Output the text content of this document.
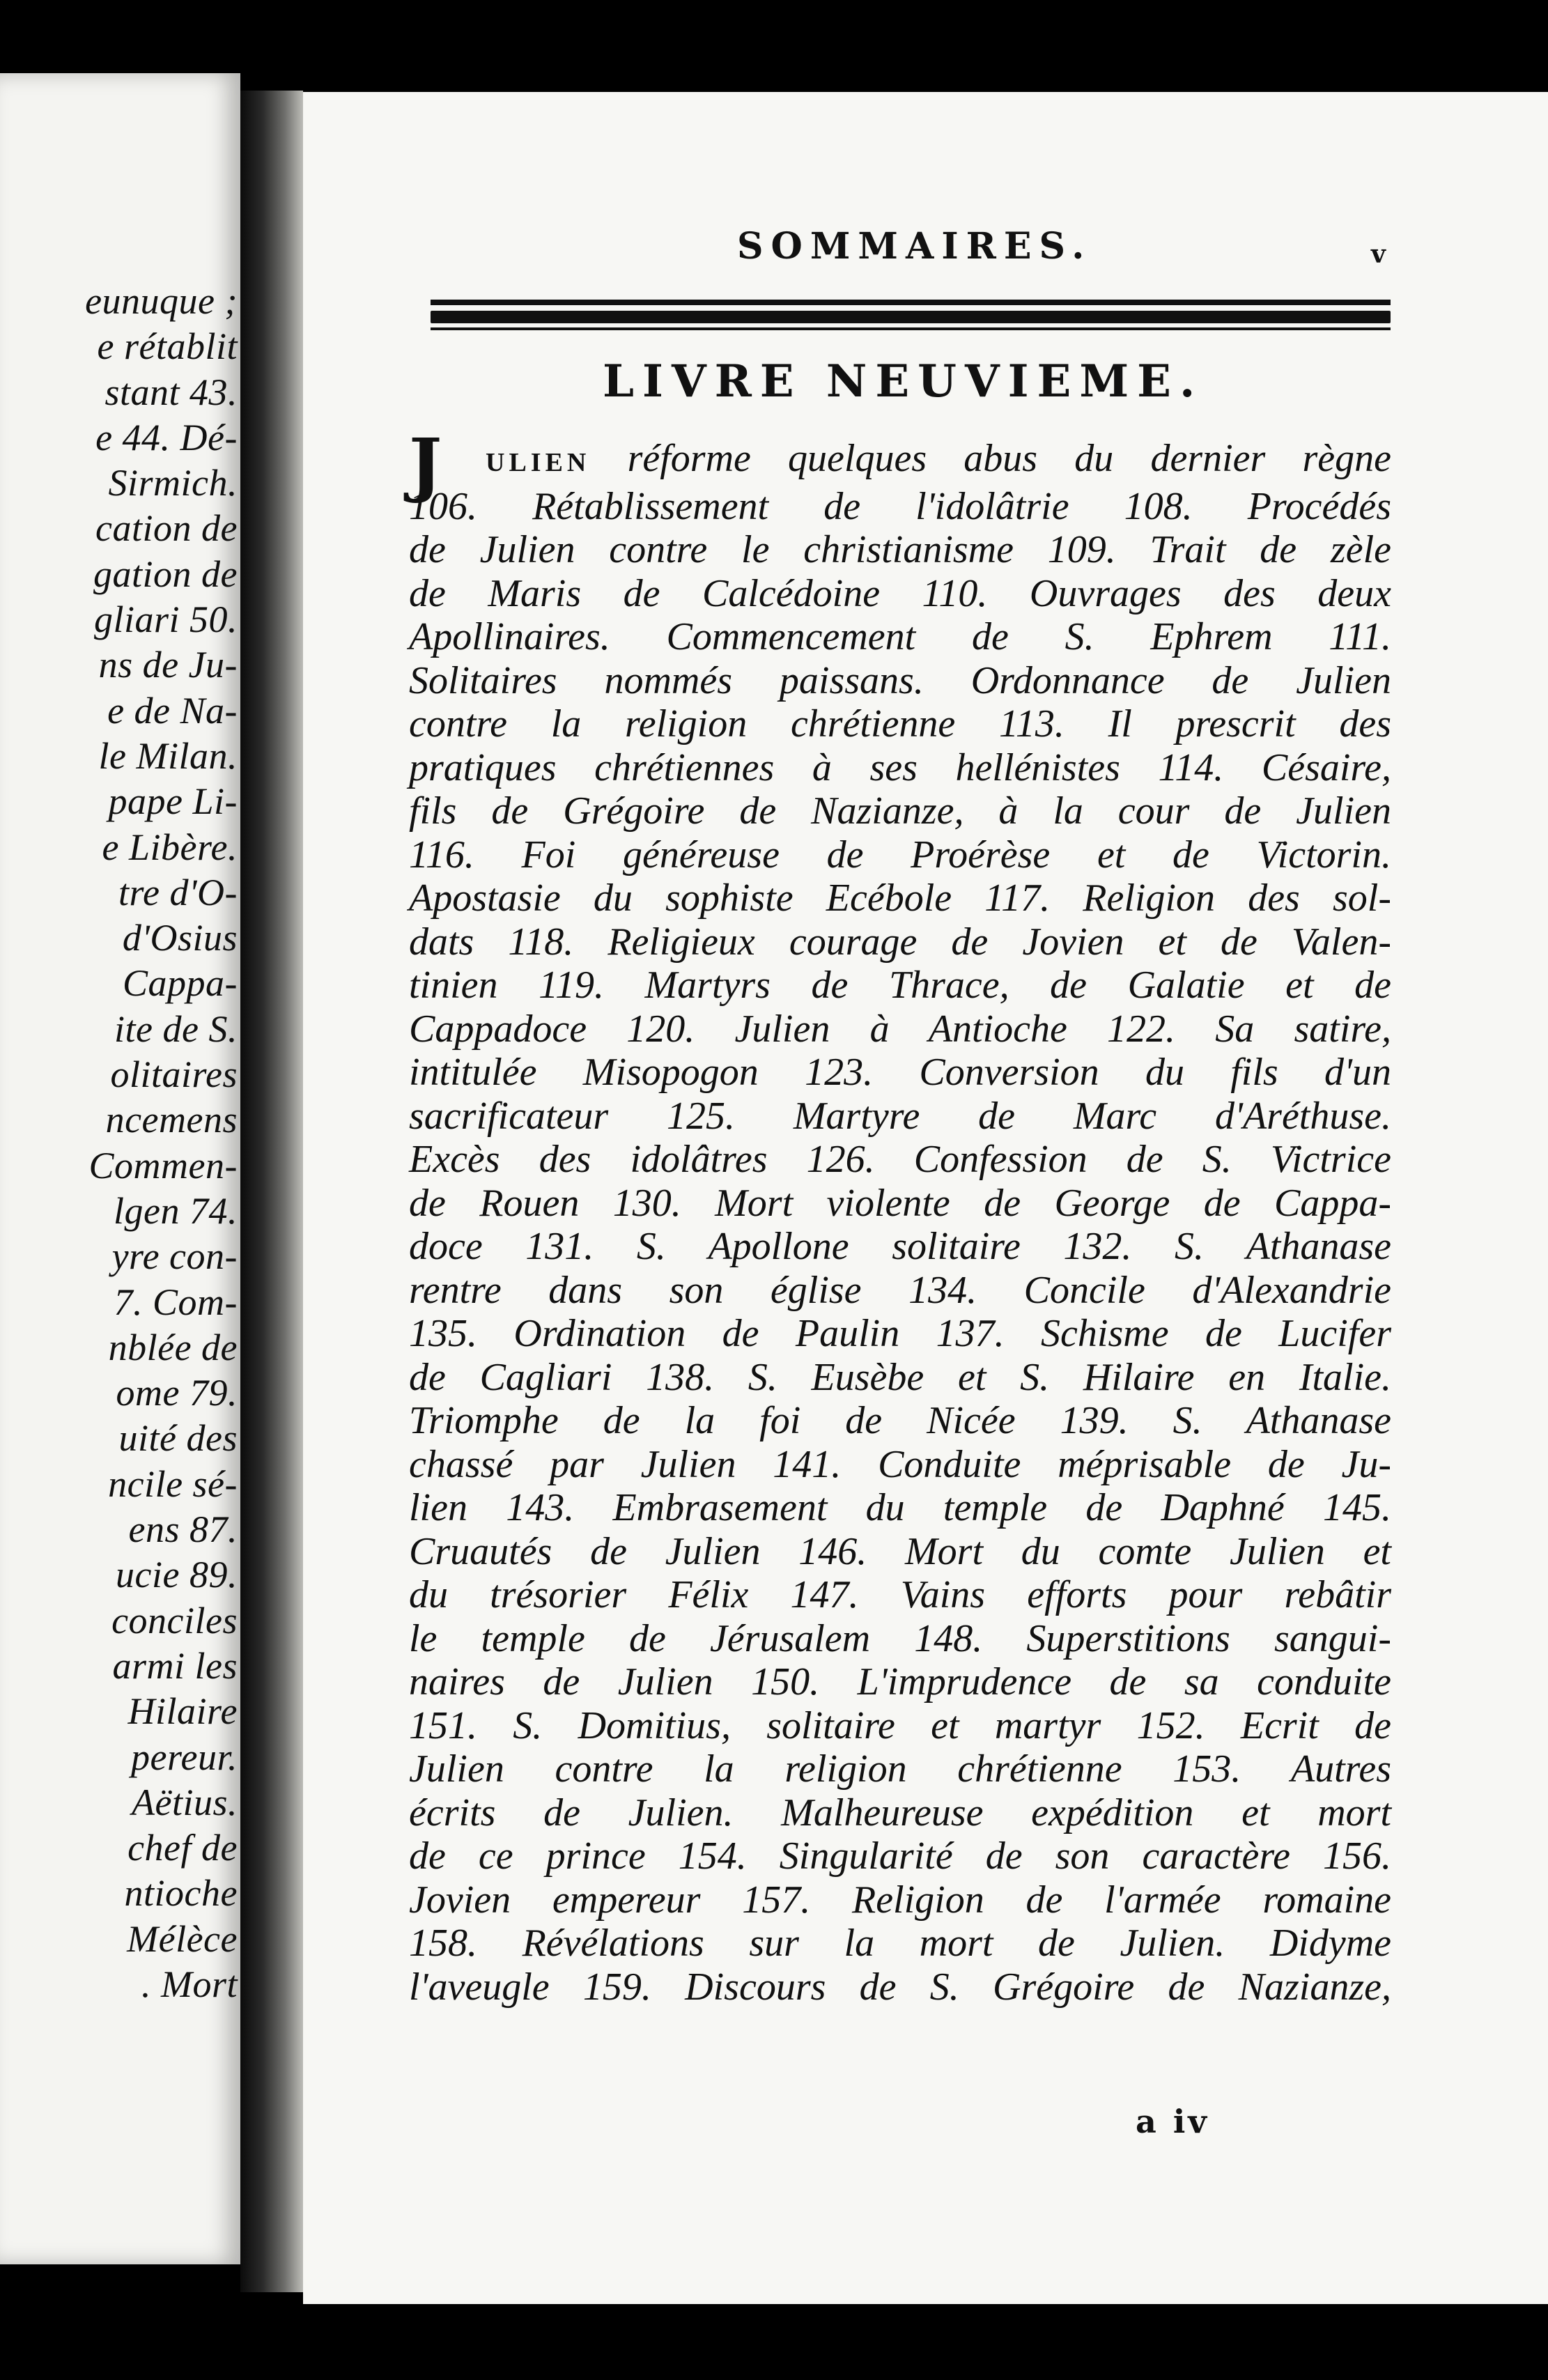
eunuque ;
e rétablit
stant 43.
e 44. Dé-
Sirmich.
cation de
gation de
gliari 50.
ns de Ju-
e de Na-
le Milan.
pape Li-
e Libère.
tre d'O-
d'Osius
Cappa-
ite de S.
olitaires
ncemens
Commen-
lgen 74.
yre con-
7. Com-
nblée de
ome 79.
uité des
ncile sé-
ens 87.
ucie 89.
conciles
armi les
Hilaire
pereur.
Aëtius.
chef de
ntioche
Mélèce
. Mort
SOMMAIRES.	v
LIVRE NEUVIEME.
J ULIEN réforme quelques abus du dernier règne
106. Rétablissement de l'idolâtrie 108. Procédés
de Julien contre le christianisme 109. Trait de zèle
de Maris de Calcédoine 110. Ouvrages des deux
Apollinaires. Commencement de S. Ephrem 111.
Solitaires nommés paissans. Ordonnance de Julien
contre la religion chrétienne 113. Il prescrit des
pratiques chrétiennes à ses hellénistes 114. Césaire,
fils de Grégoire de Nazianze, à la cour de Julien
116. Foi généreuse de Proérèse et de Victorin.
Apostasie du sophiste Ecébole 117. Religion des sol-
dats 118. Religieux courage de Jovien et de Valen-
tinien 119. Martyrs de Thrace, de Galatie et de
Cappadoce 120. Julien à Antioche 122. Sa satire,
intitulée Misopogon 123. Conversion du fils d'un
sacrificateur 125. Martyre de Marc d'Aréthuse.
Excès des idolâtres 126. Confession de S. Victrice
de Rouen 130. Mort violente de George de Cappa-
doce 131. S. Apollone solitaire 132. S. Athanase
rentre dans son église 134. Concile d'Alexandrie
135. Ordination de Paulin 137. Schisme de Lucifer
de Cagliari 138. S. Eusèbe et S. Hilaire en Italie.
Triomphe de la foi de Nicée 139. S. Athanase
chassé par Julien 141. Conduite méprisable de Ju-
lien 143. Embrasement du temple de Daphné 145.
Cruautés de Julien 146. Mort du comte Julien et
du trésorier Félix 147. Vains efforts pour rebâtir
le temple de Jérusalem 148. Superstitions sangui-
naires de Julien 150. L'imprudence de sa conduite
151. S. Domitius, solitaire et martyr 152. Ecrit de
Julien contre la religion chrétienne 153. Autres
écrits de Julien. Malheureuse expédition et mort
de ce prince 154. Singularité de son caractère 156.
Jovien empereur 157. Religion de l'armée romaine
158. Révélations sur la mort de Julien. Didyme
l'aveugle 159. Discours de S. Grégoire de Nazianze,
a iv
